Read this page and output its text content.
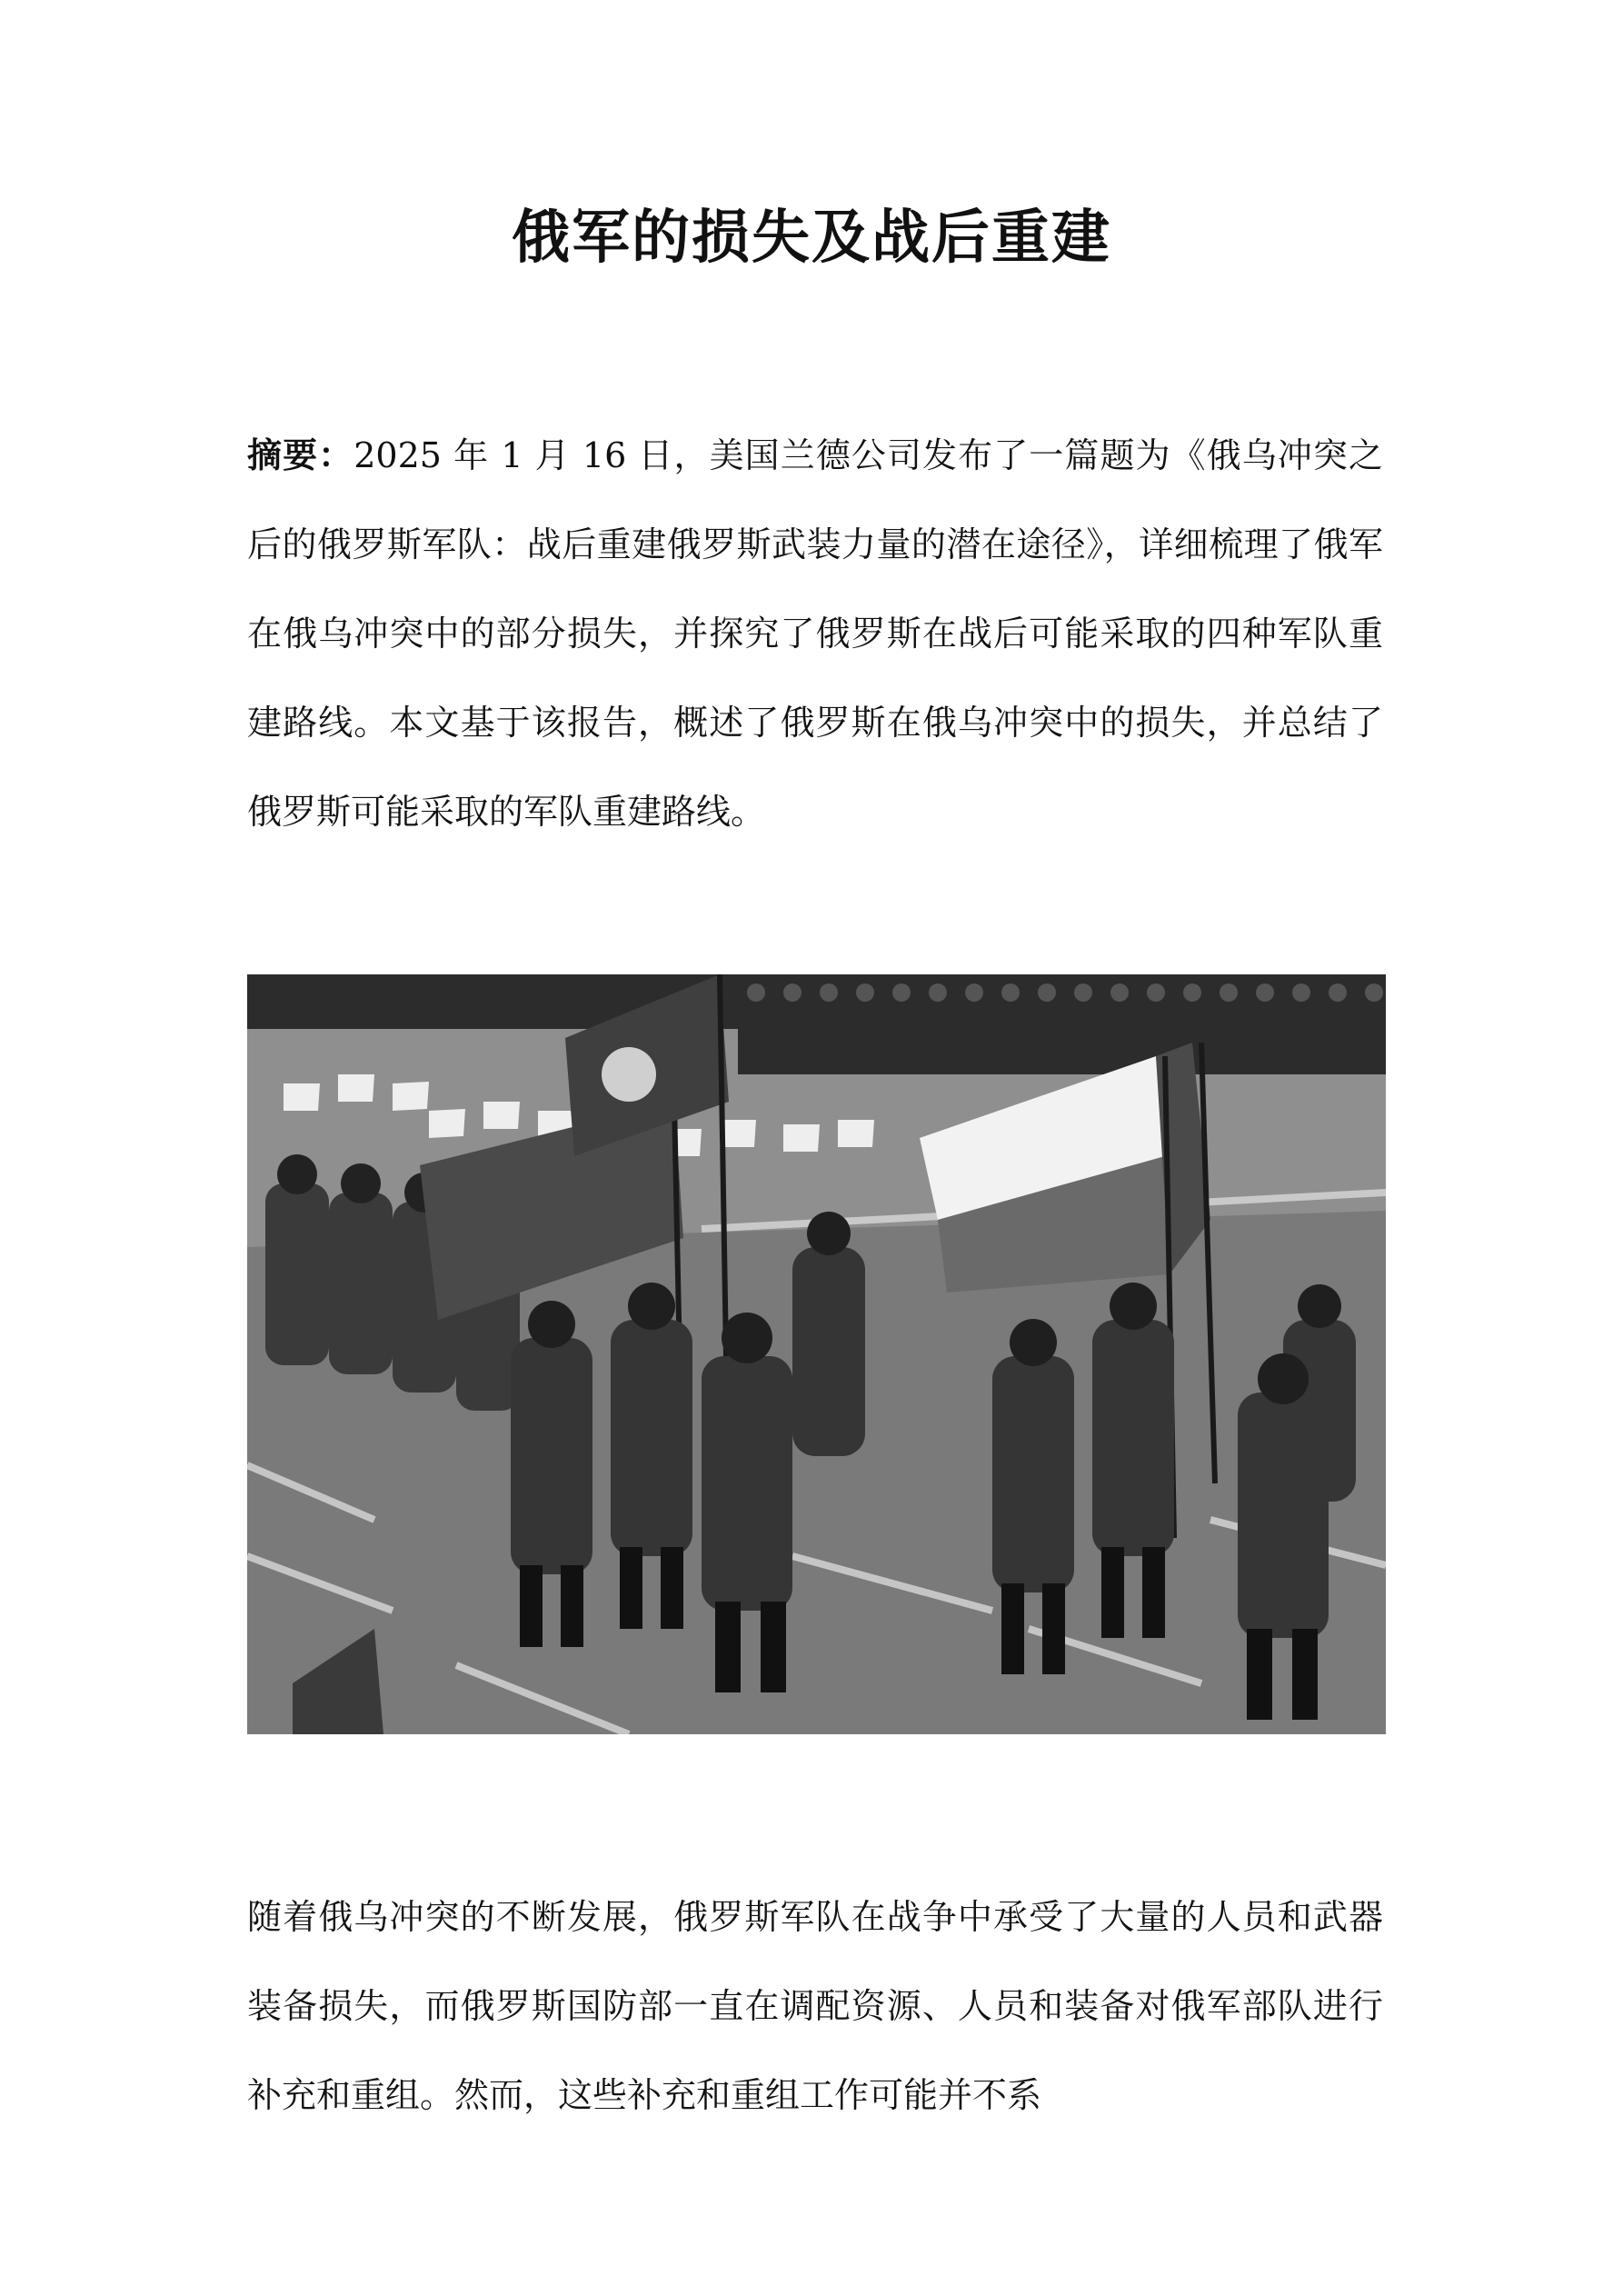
俄军的损失及战后重建

摘要：2025 年 1 月 16 日，美国兰德公司发布了一篇题为《俄乌冲突之后的俄罗斯军队：战后重建俄罗斯武装力量的潜在途径》，详细梳理了俄军在俄乌冲突中的部分损失，并探究了俄罗斯在战后可能采取的四种军队重建路线。本文基于该报告，概述了俄罗斯在俄乌冲突中的损失，并总结了俄罗斯可能采取的军队重建路线。

随着俄乌冲突的不断发展，俄罗斯军队在战争中承受了大量的人员和武器装备损失，而俄罗斯国防部一直在调配资源、人员和装备对俄军部队进行补充和重组。然而，这些补充和重组工作可能并不系
